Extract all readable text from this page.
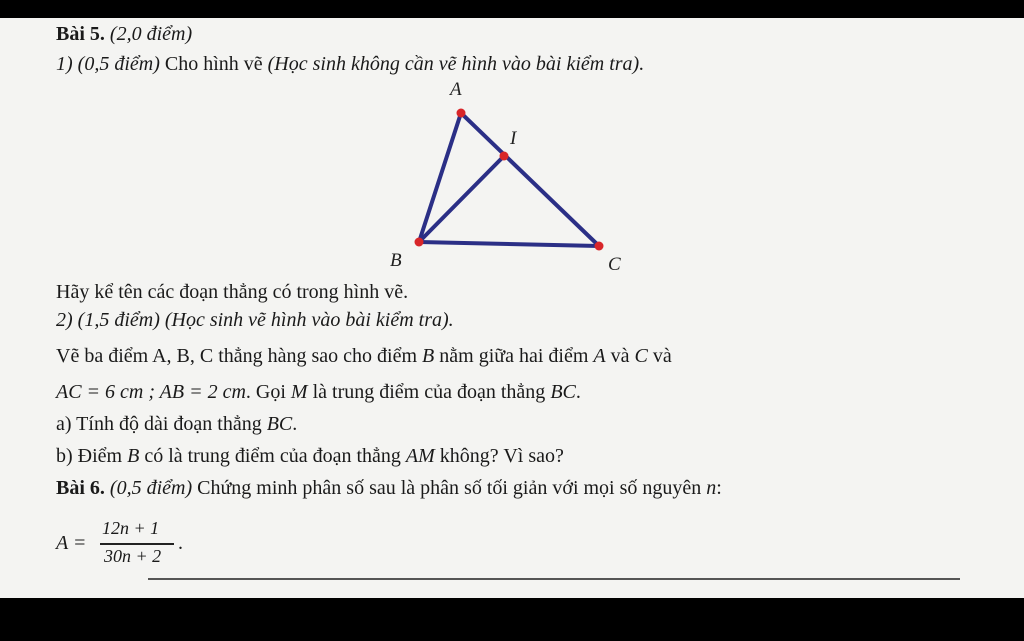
Bài 5. (2,0 điểm)
1) (0,5 điểm) Cho hình vẽ (Học sinh không cần vẽ hình vào bài kiểm tra).
A
I
B	C
Hãy kể tên các đoạn thẳng có trong hình vẽ.
2) (1,5 điểm) (Học sinh vẽ hình vào bài kiểm tra).
Vẽ ba điểm A, B, C thẳng hàng sao cho điểm B nằm giữa hai điểm A và C và
AC = 6 cm ; AB = 2 cm. Gọi M là trung điểm của đoạn thẳng BC.
a) Tính độ dài đoạn thẳng BC.
b) Điểm B có là trung điểm của đoạn thẳng AM không? Vì sao?
Bài 6. (0,5 điểm) Chứng minh phân số sau là phân số tối giản với mọi số nguyên n:
A =
12n + 1
30n + 2
.
